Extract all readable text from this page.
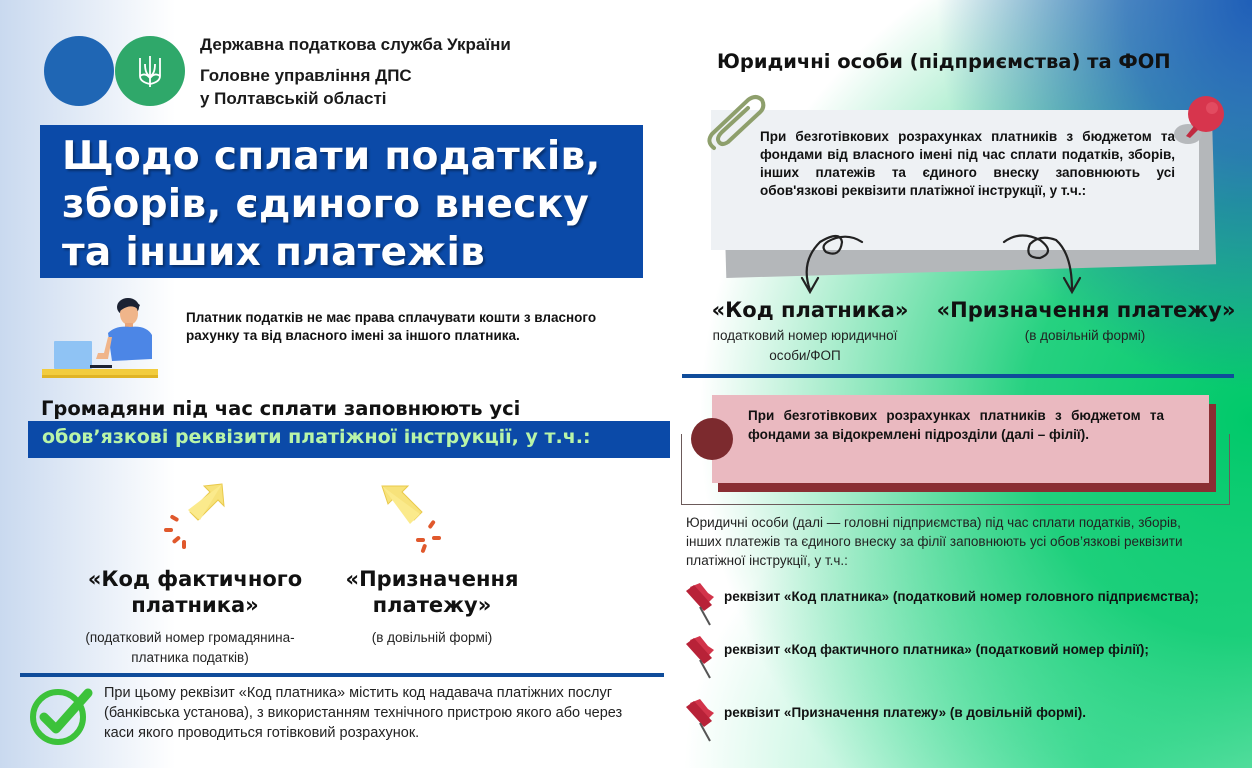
Державна податкова служба України
Головне управління ДПС
у Полтавській області
Щодо сплати податків,
зборів, єдиного внеску
та інших платежів
Платник податків не має права сплачувати кошти з власного рахунку та від власного імені за іншого платника.
Громадяни під час сплати заповнюють усі
обов’язкові реквізити платіжної інструкції, у т.ч.:
«Код фактичного
платника»
(податковий номер громадянина-
платника податків)
«Призначення
платежу»
(в довільній формі)
При цьому реквізит «Код платника» містить код надавача платіжних послуг (банківська установа), з використанням технічного пристрою якого або через каси якого проводиться готівковий розрахунок.
Юридичні особи (підприємства) та ФОП
При безготівкових розрахунках платників з бюджетом та фондами від власного імені під час сплати податків, зборів, інших платежів та єдиного внеску заповнюють усі обов'язкові реквізити платіжної інструкції, у т.ч.:
«Код платника»
податковий номер юридичної
особи/ФОП
«Призначення платежу»
(в довільній формі)
При безготівкових розрахунках платників з бюджетом та фондами за відокремлені підрозділи (далі – філії).
Юридичні особи (далі — головні підприємства) під час сплати податків, зборів, інших платежів та єдиного внеску за філії заповнюють усі обов’язкові реквізити платіжної інструкції, у т.ч.:
реквізит «Код платника» (податковий номер головного підприємства);
реквізит «Код фактичного платника» (податковий номер філії);
реквізит «Призначення платежу» (в довільній формі).
